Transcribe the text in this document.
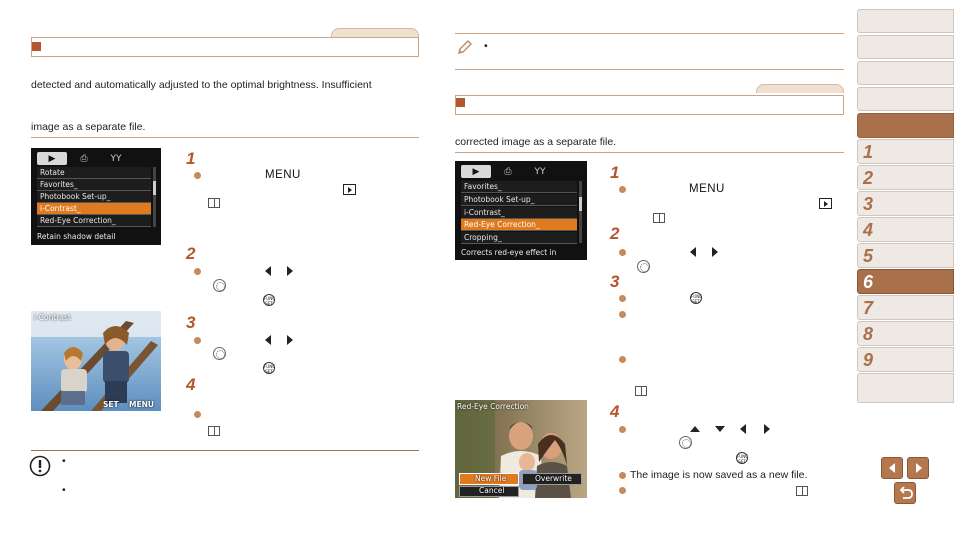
detected and automatically adjusted to the optimal brightness. Insufficient
image as a separate file.
▶	⎙	ΥΥ
Rotate
Favorites_
Photobook Set-up_
i-Contrast_
Red-Eye Correction_
Retain shadow detail
1
MENU
2
FUNC
SET
3
FUNC
SET
4
i-Contrast
SET MENU
•
•
•
corrected image as a separate file.
▶	⎙	ΥΥ
Favorites_
Photobook Set-up_
i-Contrast_
Red-Eye Correction_
Cropping_
Corrects red-eye effect in
1
MENU
2
3
FUNC
SET
4
FUNC
SET
The image is now saved as a new file.
Red-Eye Correction
New File	Overwrite
Cancel
1
2
3
4
5
6
7
8
9
